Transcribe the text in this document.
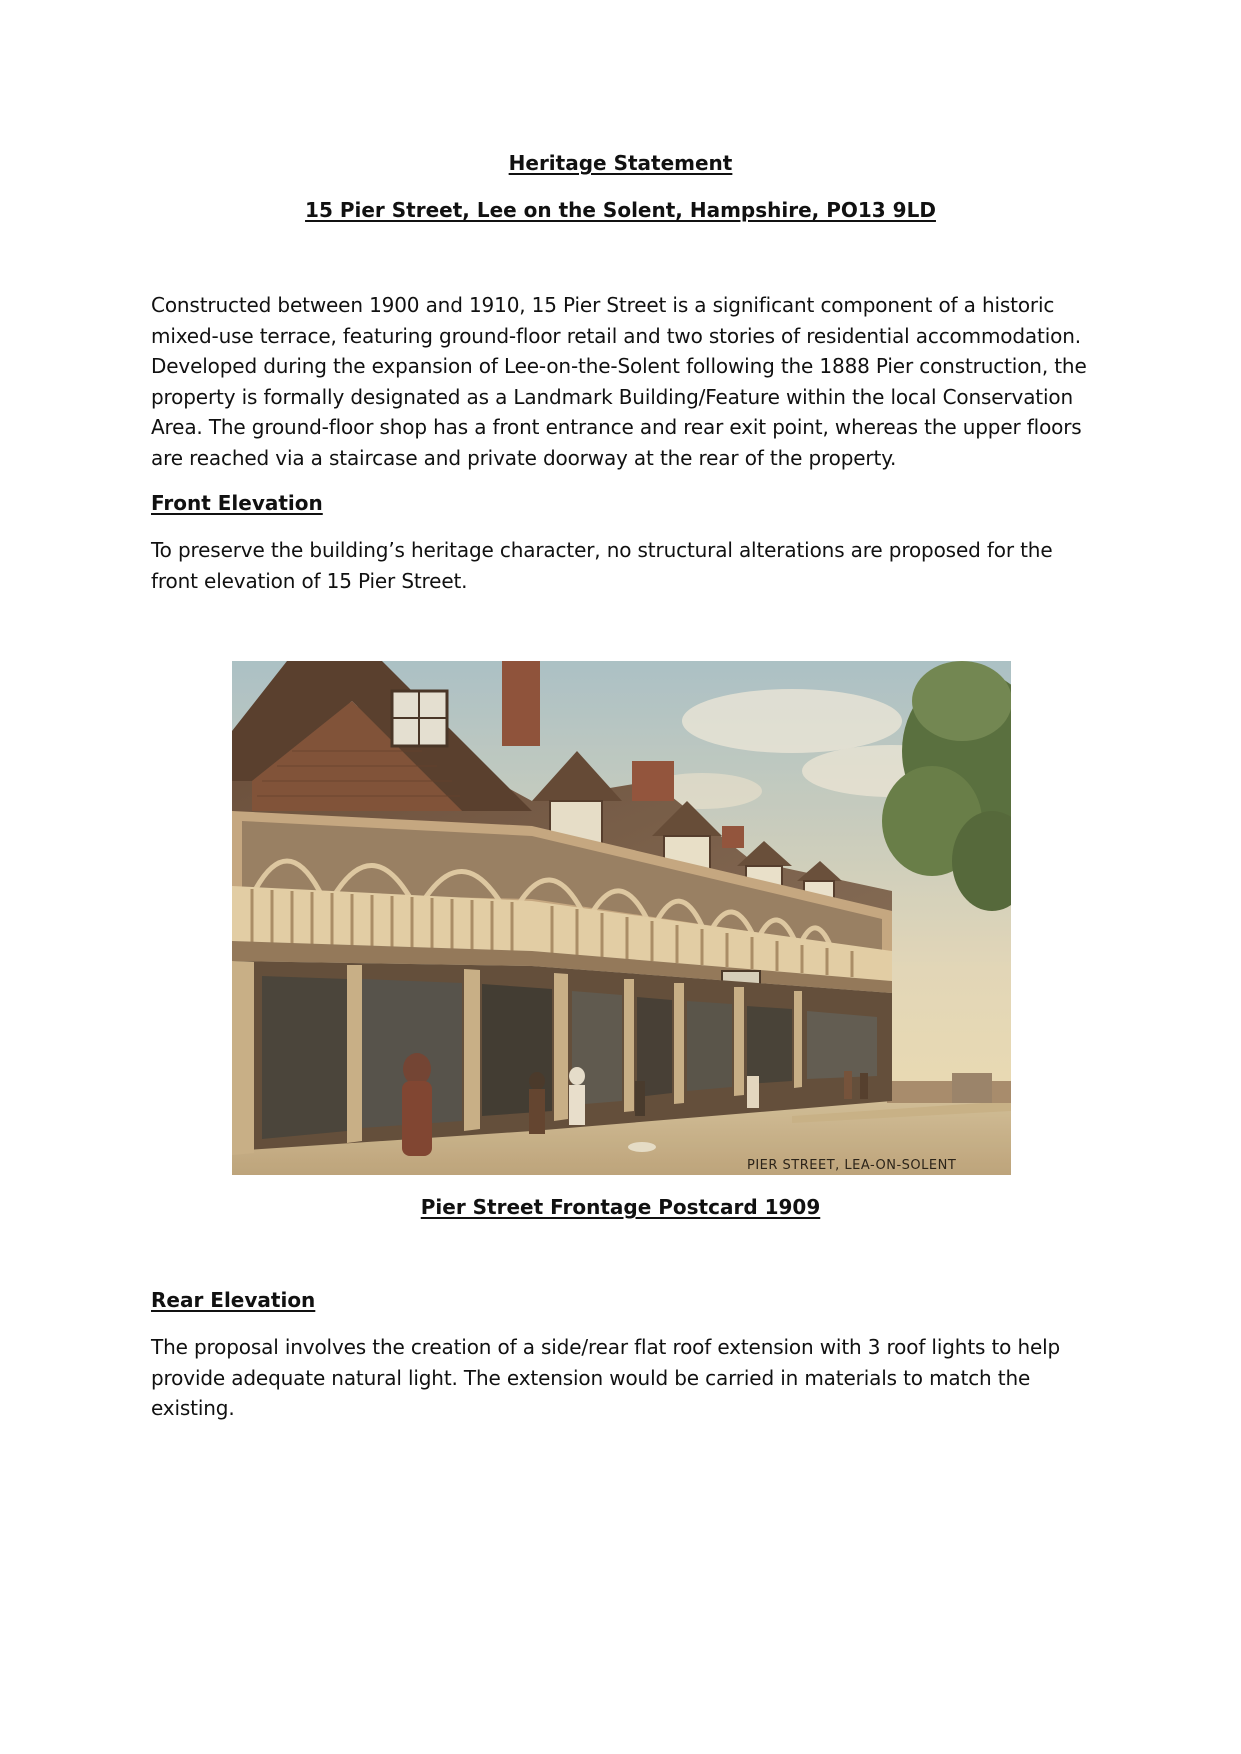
Heritage Statement
15 Pier Street, Lee on the Solent, Hampshire, PO13 9LD

Constructed between 1900 and 1910, 15 Pier Street is a significant component of a historic mixed-use terrace, featuring ground-floor retail and two stories of residential accommodation. Developed during the expansion of Lee-on-the-Solent following the 1888 Pier construction, the property is formally designated as a Landmark Building/Feature within the local Conservation Area. The ground-floor shop has a front entrance and rear exit point, whereas the upper floors are reached via a staircase and private doorway at the rear of the property.

Front Elevation

To preserve the building’s heritage character, no structural alterations are proposed for the front elevation of 15 Pier Street.

PIER STREET, LEA-ON-SOLENT
Pier Street Frontage Postcard 1909
Rear Elevation

The proposal involves the creation of a side/rear flat roof extension with 3 roof lights to help provide adequate natural light. The extension would be carried in materials to match the existing.
